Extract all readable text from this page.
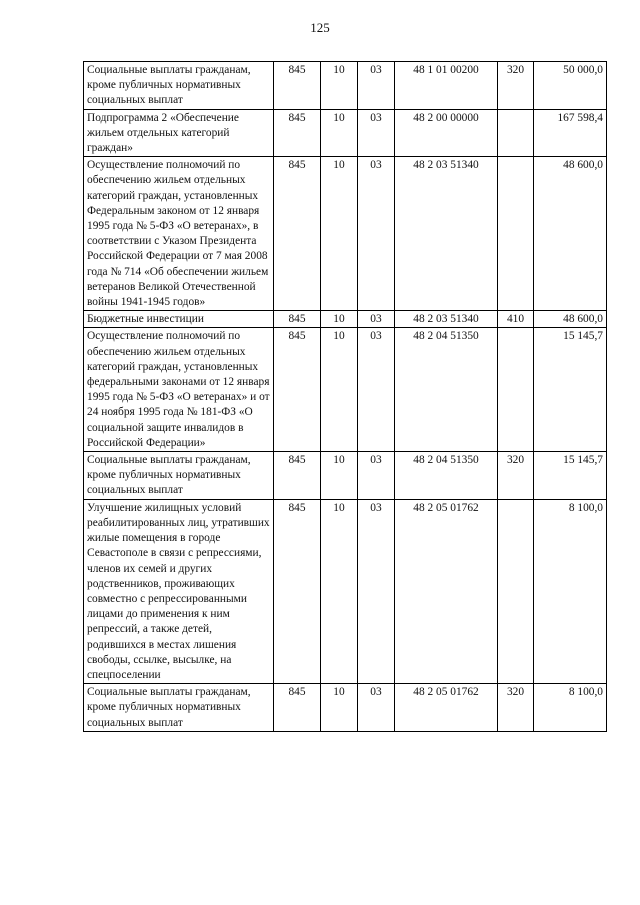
125
Социальные выплаты гражданам, кроме публичных нормативных социальных выплат	845	10	03	48 1 01 00200	320	50 000,0
Подпрограмма 2 «Обеспечение жильем отдельных категорий граждан»	845	10	03	48 2 00 00000		167 598,4
Осуществление полномочий по обеспечению жильем отдельных категорий граждан, установленных Федеральным законом от 12 января 1995 года № 5-ФЗ «О ветеранах», в соответствии с Указом Президента Российской Федерации от 7 мая 2008 года № 714 «Об обеспечении жильем ветеранов Великой Отечественной войны 1941-1945 годов»	845	10	03	48 2 03 51340		48 600,0
Бюджетные инвестиции	845	10	03	48 2 03 51340	410	48 600,0
Осуществление полномочий по обеспечению жильем отдельных категорий граждан, установленных федеральными законами от 12 января 1995 года № 5-ФЗ «О ветеранах» и от 24 ноября 1995 года № 181-ФЗ «О социальной защите инвалидов в Российской Федерации»	845	10	03	48 2 04 51350		15 145,7
Социальные выплаты гражданам, кроме публичных нормативных социальных выплат	845	10	03	48 2 04 51350	320	15 145,7
Улучшение жилищных условий реабилитированных лиц, утративших жилые помещения в городе Севастополе в связи с репрессиями, членов их семей и других родственников, проживающих совместно с репрессированными лицами до применения к ним репрессий, а также детей, родившихся в местах лишения свободы, ссылке, высылке, на спецпоселении	845	10	03	48 2 05 01762		8 100,0
Социальные выплаты гражданам, кроме публичных нормативных социальных выплат	845	10	03	48 2 05 01762	320	8 100,0
